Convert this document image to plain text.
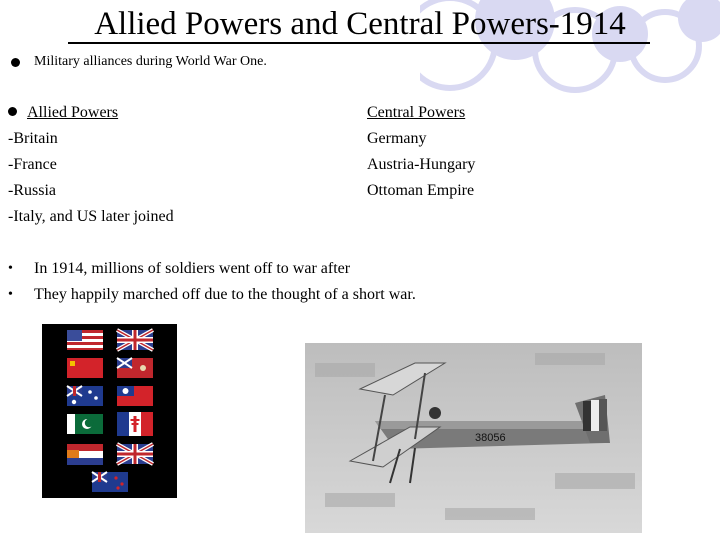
Allied Powers and Central Powers-1914
Military alliances during World War One.
Allied Powers
-Britain
-France
-Russia
-Italy, and US later joined
Central Powers
Germany
Austria-Hungary
Ottoman Empire
• In 1914, millions of soldiers went off to war after
• They happily marched off due to the thought of a short war.
38056
